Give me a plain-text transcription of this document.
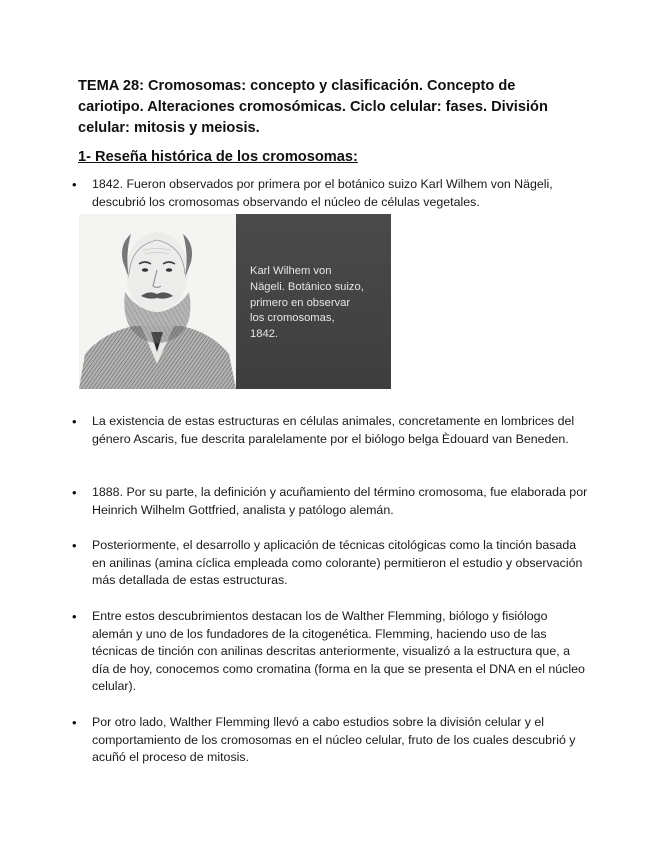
TEMA 28: Cromosomas: concepto y clasificación. Concepto de cariotipo. Alteraciones cromosómicas. Ciclo celular: fases. División celular: mitosis y meiosis.
1- Reseña histórica de los cromosomas:
• 1842. Fueron observados por primera por el botánico suizo Karl Wilhem von Nägeli, descubrió los cromosomas observando el núcleo de células vegetales.
Karl Wilhem von
Nägeli. Botánico suizo,
primero en observar
los cromosomas,
1842.
• La existencia de estas estructuras en células animales, concretamente en lombrices del género Ascaris, fue descrita paralelamente por el biólogo belga Èdouard van Beneden.
• 1888. Por su parte, la definición y acuñamiento del término cromosoma, fue elaborada por Heinrich Wilhelm Gottfried, analista y patólogo alemán.
• Posteriormente, el desarrollo y aplicación de técnicas citológicas como la tinción basada en anilinas (amina cíclica empleada como colorante) permitieron el estudio y observación más detallada de estas estructuras.
• Entre estos descubrimientos destacan los de Walther Flemming, biólogo y fisiólogo alemán y uno de los fundadores de la citogenética. Flemming, haciendo uso de las técnicas de tinción con anilinas descritas anteriormente, visualizó a la estructura que, a día de hoy, conocemos como cromatina (forma en la que se presenta el DNA en el núcleo celular).
• Por otro lado, Walther Flemming llevó a cabo estudios sobre la división celular y el comportamiento de los cromosomas en el núcleo celular, fruto de los cuales descubrió y acuñó el proceso de mitosis.
